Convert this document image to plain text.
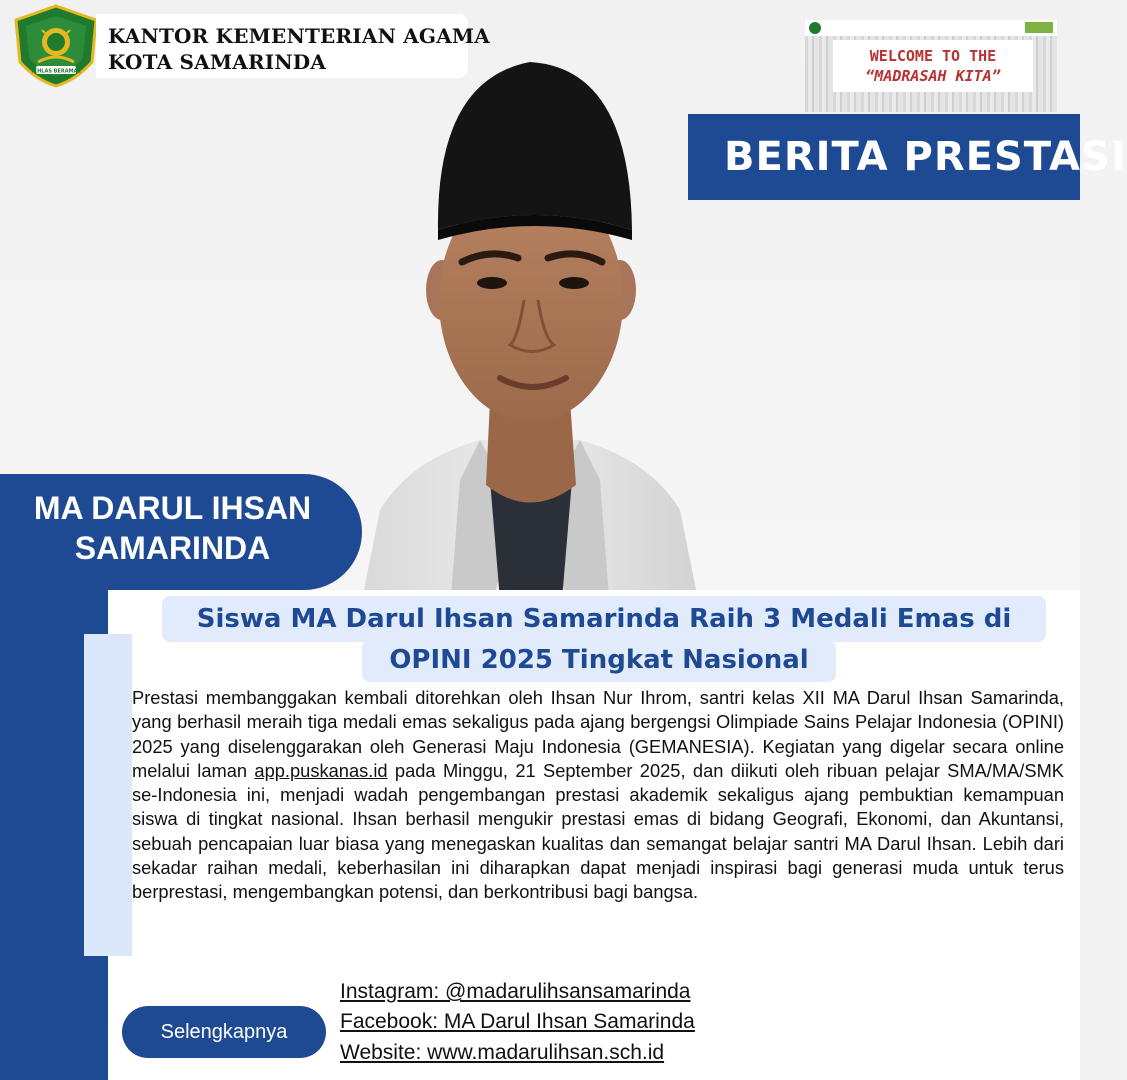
IKHLAS BERAMAL
KANTOR KEMENTERIAN AGAMA
KOTA SAMARINDA	WELCOME TO THE
“MADRASAH KITA”
BERITA PRESTASI
MA DARUL IHSAN
SAMARINDA
Siswa MA Darul Ihsan Samarinda Raih 3 Medali Emas di
OPINI 2025 Tingkat Nasional
Prestasi membanggakan kembali ditorehkan oleh Ihsan Nur Ihrom, santri kelas XII MA Darul Ihsan Samarinda, yang berhasil meraih tiga medali emas sekaligus pada ajang bergengsi Olimpiade Sains Pelajar Indonesia (OPINI) 2025 yang diselenggarakan oleh Generasi Maju Indonesia (GEMANESIA). Kegiatan yang digelar secara online melalui laman app.puskanas.id pada Minggu, 21 September 2025, dan diikuti oleh ribuan pelajar SMA/MA/SMK se-Indonesia ini, menjadi wadah pengembangan prestasi akademik sekaligus ajang pembuktian kemampuan siswa di tingkat nasional. Ihsan berhasil mengukir prestasi emas di bidang Geografi, Ekonomi, dan Akuntansi, sebuah pencapaian luar biasa yang menegaskan kualitas dan semangat belajar santri MA Darul Ihsan. Lebih dari sekadar raihan medali, keberhasilan ini diharapkan dapat menjadi inspirasi bagi generasi muda untuk terus berprestasi, mengembangkan potensi, dan berkontribusi bagi bangsa.
Selengkapnya
Instagram: @madarulihsansamarinda
Facebook: MA Darul Ihsan Samarinda
Website: www.madarulihsan.sch.id
